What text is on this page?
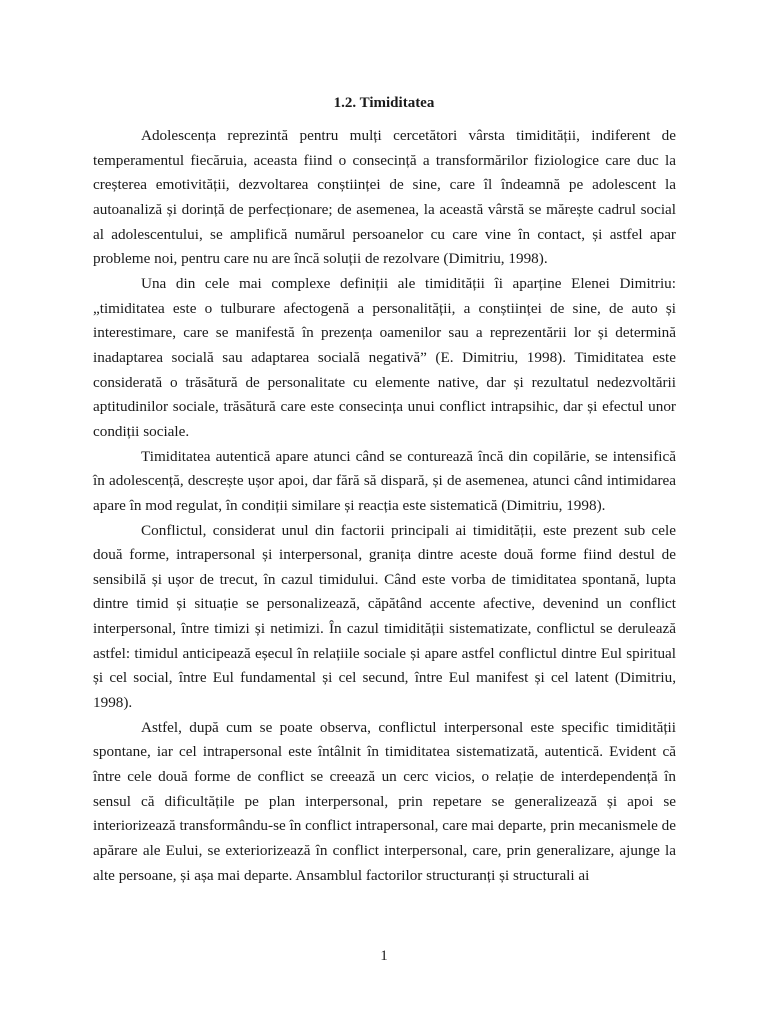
1.2. Timiditatea

Adolescența reprezintă pentru mulți cercetători vârsta timidității, indiferent de temperamentul fiecăruia, aceasta fiind o consecință a transformărilor fiziologice care duc la creșterea emotivității, dezvoltarea conștiinței de sine, care îl îndeamnă pe adolescent la autoanaliză și dorință de perfecționare; de asemenea, la această vârstă se mărește cadrul social al adolescentului, se amplifică numărul persoanelor cu care vine în contact, și astfel apar probleme noi, pentru care nu are încă soluții de rezolvare (Dimitriu, 1998).

Una din cele mai complexe definiții ale timidității îi aparține Elenei Dimitriu: „timiditatea este o tulburare afectogenă a personalității, a conștiinței de sine, de auto și interestimare, care se manifestă în prezența oamenilor sau a reprezentării lor și determină inadaptarea socială sau adaptarea socială negativă” (E. Dimitriu, 1998). Timiditatea este considerată o trăsătură de personalitate cu elemente native, dar și rezultatul nedezvoltării aptitudinilor sociale, trăsătură care este consecința unui conflict intrapsihic, dar și efectul unor condiții sociale.

Timiditatea autentică apare atunci când se conturează încă din copilărie, se intensifică în adolescență, descrește ușor apoi, dar fără să dispară, și de asemenea, atunci când intimidarea apare în mod regulat, în condiții similare și reacția este sistematică (Dimitriu, 1998).

Conflictul, considerat unul din factorii principali ai timidității, este prezent sub cele două forme, intrapersonal și interpersonal, granița dintre aceste două forme fiind destul de sensibilă și ușor de trecut, în cazul timidului. Când este vorba de timiditatea spontană, lupta dintre timid și situație se personalizează, căpătând accente afective, devenind un conflict interpersonal, între timizi și netimizi. În cazul timidității sistematizate, conflictul se derulează astfel: timidul anticipează eșecul în relațiile sociale și apare astfel conflictul dintre Eul spiritual și cel social, între Eul fundamental și cel secund, între Eul manifest și cel latent (Dimitriu, 1998).

Astfel, după cum se poate observa, conflictul interpersonal este specific timidității spontane, iar cel intrapersonal este întâlnit în timiditatea sistematizată, autentică. Evident că între cele două forme de conflict se creează un cerc vicios, o relație de interdependență în sensul că dificultățile pe plan interpersonal, prin repetare se generalizează și apoi se interiorizează transformându-se în conflict intrapersonal, care mai departe, prin mecanismele de apărare ale Eului, se exteriorizează în conflict interpersonal, care, prin generalizare, ajunge la alte persoane, și așa mai departe. Ansamblul factorilor structuranți și structurali ai

1
